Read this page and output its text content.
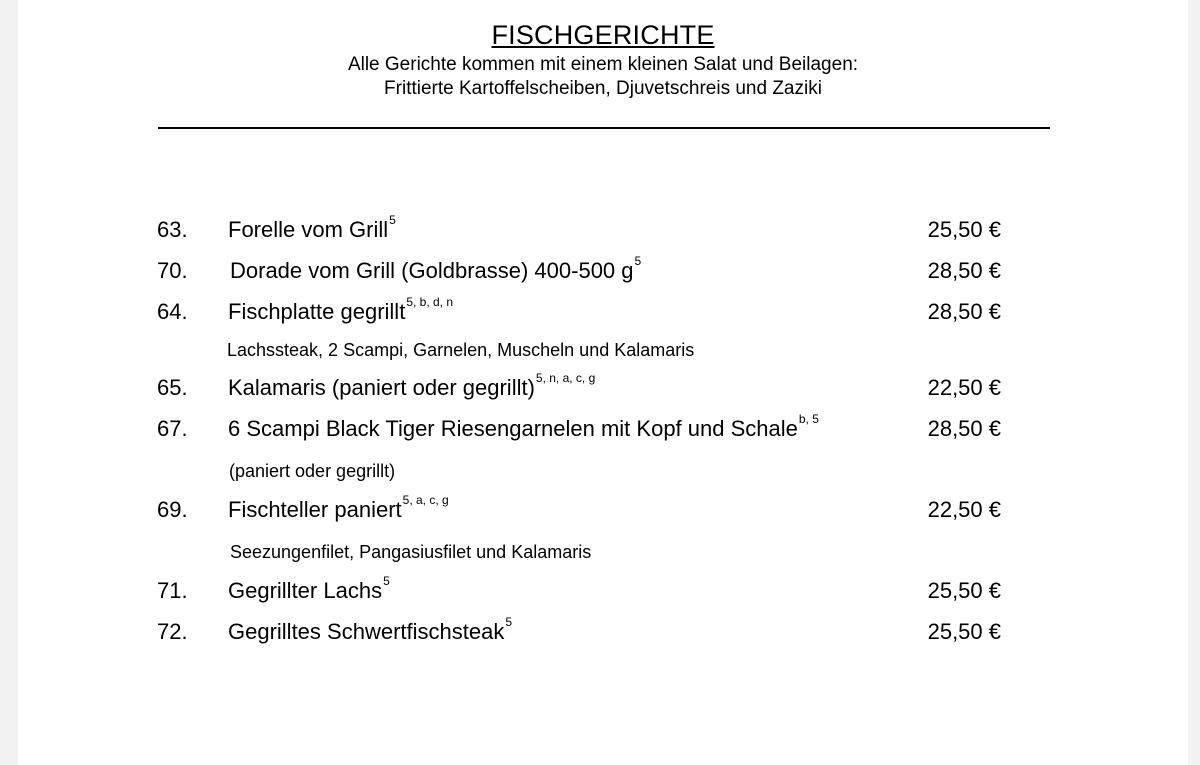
FISCHGERICHTE
Alle Gerichte kommen mit einem kleinen Salat und Beilagen:
Frittierte Kartoffelscheiben, Djuvetschreis und Zaziki
63. Forelle vom Grill$^5$	25,50 €
70. Dorade vom Grill (Goldbrasse) 400-500 $g^5$	28,50 €
64. Fischplatte gegrillt$^{5, b, d, n}$	28,50 €
Lachssteak, 2 Scampi, Garnelen, Muscheln und Kalamaris
65. Kalamaris (paniert oder gegrillt)$^{5, n, a, c, g}$	22,50 €
67. 6 Scampi Black Tiger Riesengarnelen mit Kopf und Schale$^{b, 5}$	28,50 €
(paniert oder gegrillt)
69. Fischteller paniert$^{5, a, c, g}$	22,50 €
Seezungenfilet, Pangasiusfilet und Kalamaris
71. Gegrillter Lachs$^5$	25,50 €
72. Gegrilltes Schwertfischsteak$^5$	25,50 €
